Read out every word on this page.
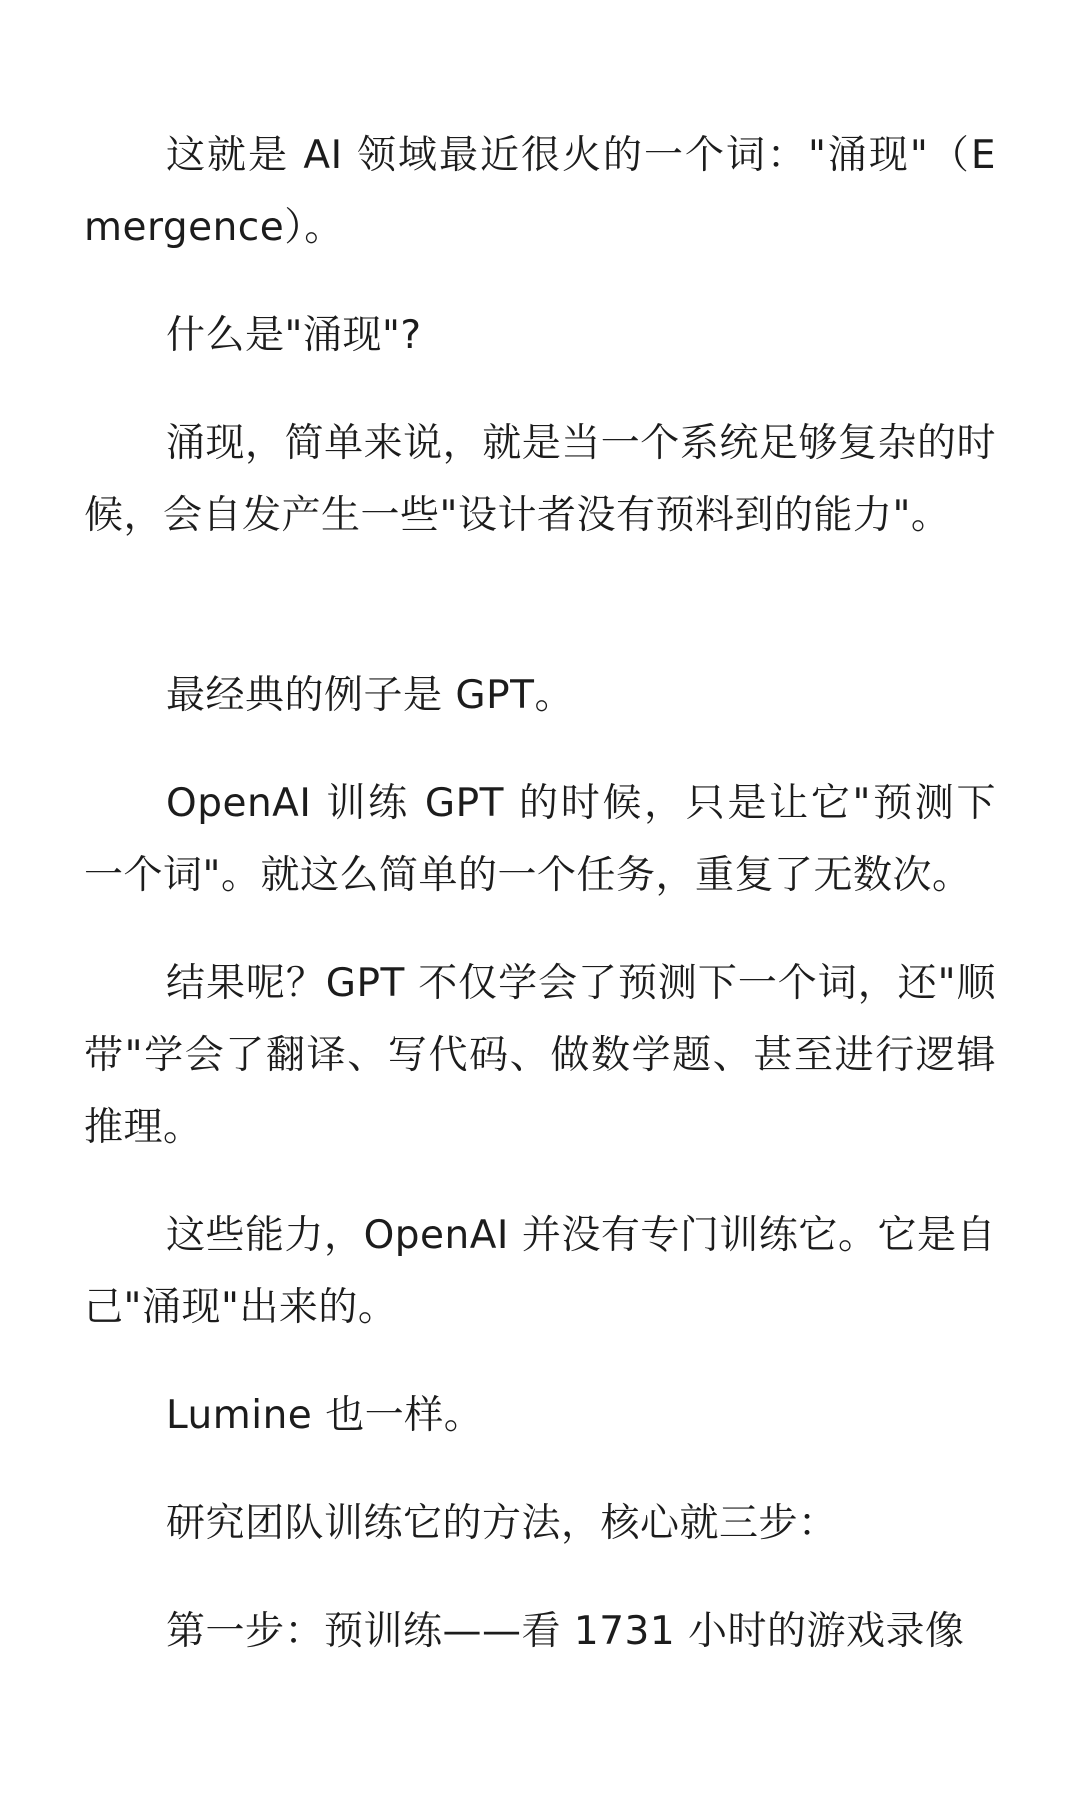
这就是 AI 领域最近很火的一个词："涌现"（Emergence）。

什么是"涌现"?

涌现，简单来说，就是当一个系统足够复杂的时候，会自发产生一些"设计者没有预料到的能力"。

最经典的例子是 GPT。

OpenAI 训练 GPT 的时候，只是让它"预测下一个词"。就这么简单的一个任务，重复了无数次。

结果呢？GPT 不仅学会了预测下一个词，还"顺带"学会了翻译、写代码、做数学题、甚至进行逻辑推理。

这些能力，OpenAI 并没有专门训练它。它是自己"涌现"出来的。

Lumine 也一样。

研究团队训练它的方法，核心就三步：

第一步：预训练——看 1731 小时的游戏录像
